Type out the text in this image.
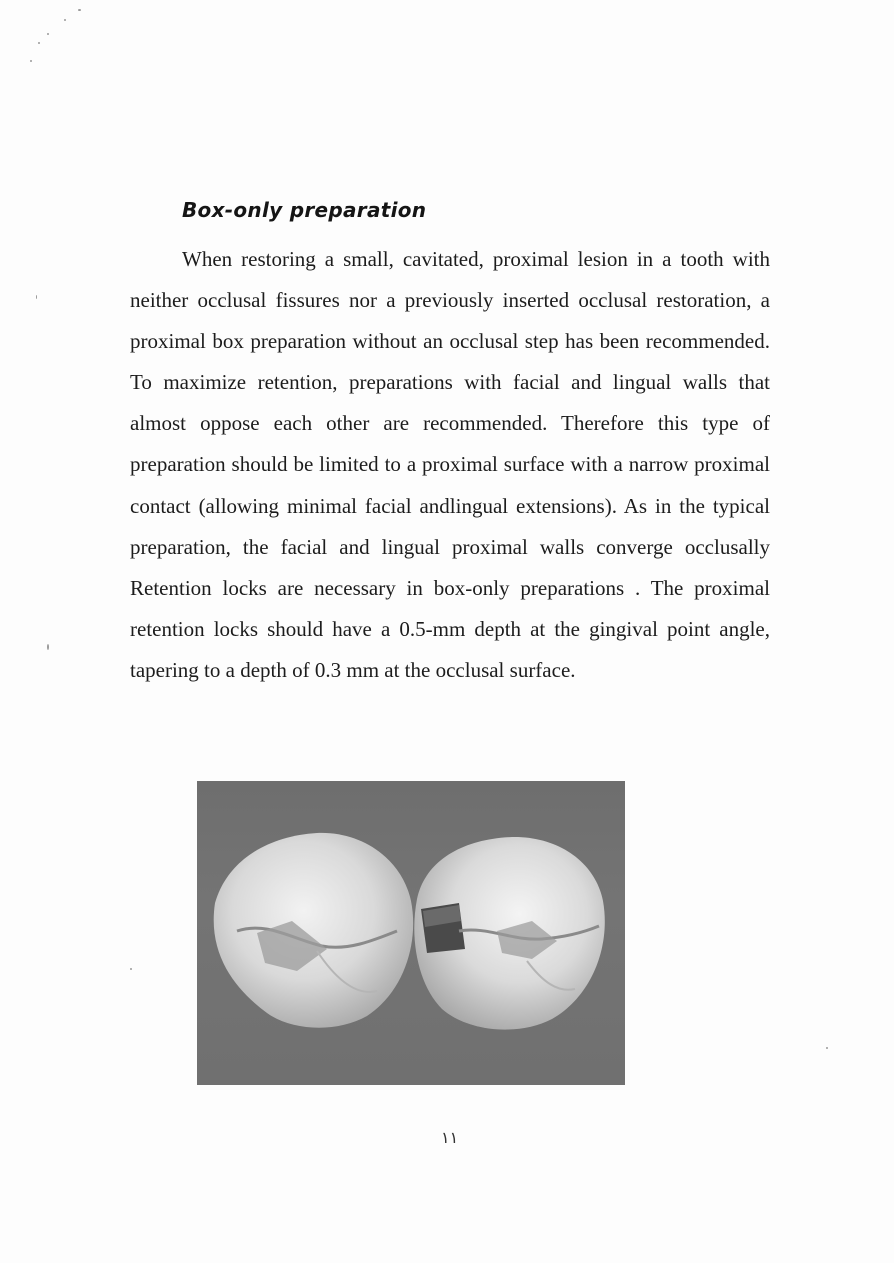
Box-only preparation

When restoring a small, cavitated, proximal lesion in a tooth with neither occlusal fissures nor a previously inserted occlusal restoration, a proximal box preparation without an occlusal step has been recommended. To maximize retention, preparations with facial and lingual walls that almost oppose each other are recommended. Therefore this type of preparation should be limited to a proximal surface with a narrow proximal contact (allowing minimal facial andlingual extensions). As in the typical preparation, the facial and lingual proximal walls converge occlusally Retention locks are necessary in box-only preparations . The proximal retention locks should have a 0.5-mm depth at the gingival point angle, tapering to a depth of 0.3 mm at the occlusal surface.

١١
